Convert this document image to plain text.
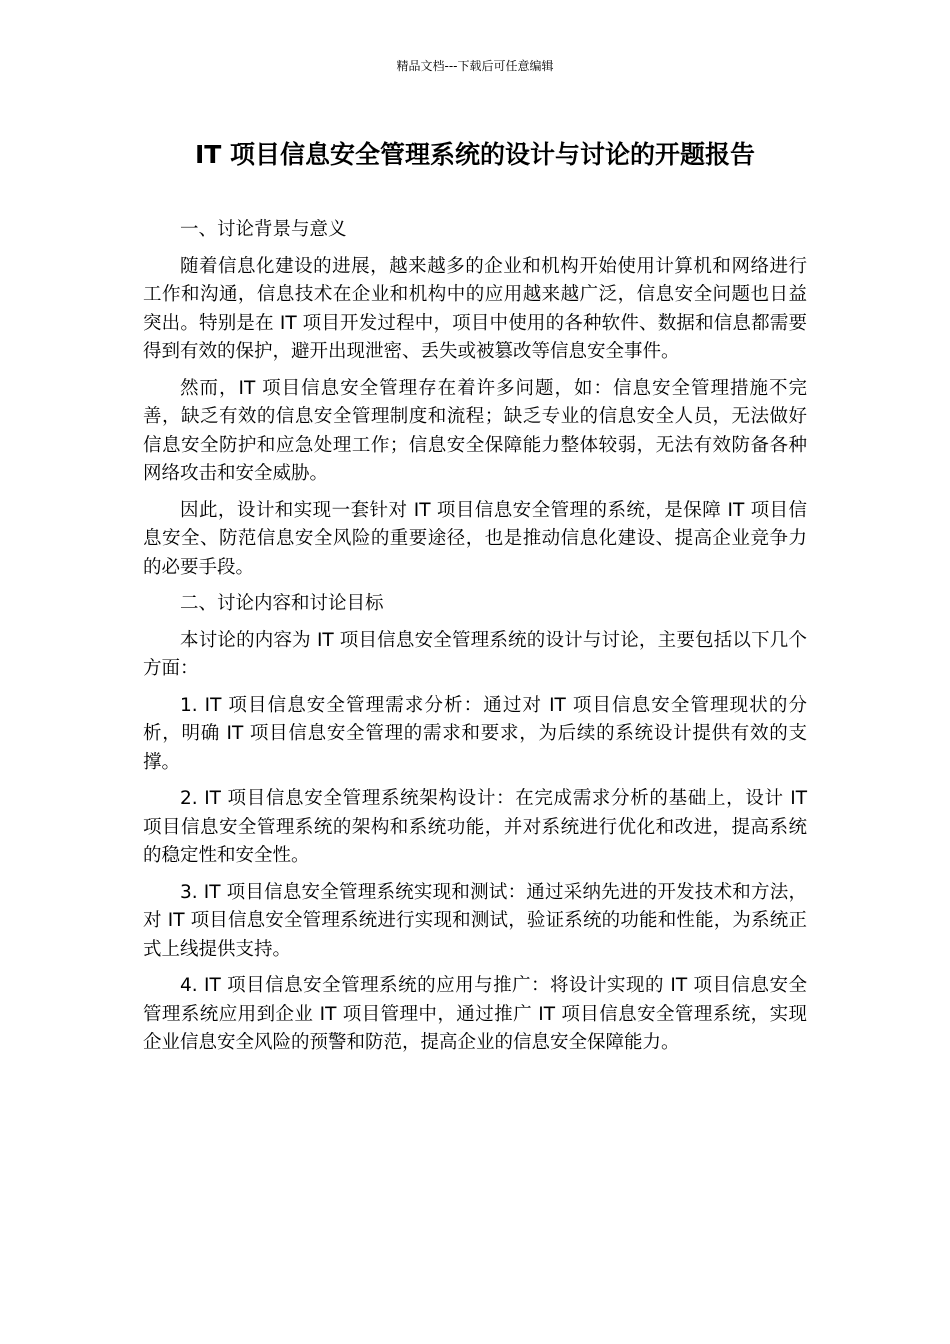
精品文档---下载后可任意编辑
IT 项目信息安全管理系统的设计与讨论的开题报告

一、讨论背景与意义

随着信息化建设的进展，越来越多的企业和机构开始使用计算机和网络进行工作和沟通，信息技术在企业和机构中的应用越来越广泛，信息安全问题也日益突出。特别是在 IT 项目开发过程中，项目中使用的各种软件、数据和信息都需要得到有效的保护，避开出现泄密、丢失或被篡改等信息安全事件。

然而，IT 项目信息安全管理存在着许多问题，如：信息安全管理措施不完善，缺乏有效的信息安全管理制度和流程；缺乏专业的信息安全人员，无法做好信息安全防护和应急处理工作；信息安全保障能力整体较弱，无法有效防备各种网络攻击和安全威胁。

因此，设计和实现一套针对 IT 项目信息安全管理的系统，是保障 IT 项目信息安全、防范信息安全风险的重要途径，也是推动信息化建设、提高企业竞争力的必要手段。

二、讨论内容和讨论目标

本讨论的内容为 IT 项目信息安全管理系统的设计与讨论，主要包括以下几个方面：

1. IT 项目信息安全管理需求分析：通过对 IT 项目信息安全管理现状的分析，明确 IT 项目信息安全管理的需求和要求，为后续的系统设计提供有效的支撑。

2. IT 项目信息安全管理系统架构设计：在完成需求分析的基础上，设计 IT 项目信息安全管理系统的架构和系统功能，并对系统进行优化和改进，提高系统的稳定性和安全性。

3. IT 项目信息安全管理系统实现和测试：通过采纳先进的开发技术和方法，对 IT 项目信息安全管理系统进行实现和测试，验证系统的功能和性能，为系统正式上线提供支持。

4. IT 项目信息安全管理系统的应用与推广：将设计实现的 IT 项目信息安全管理系统应用到企业 IT 项目管理中，通过推广 IT 项目信息安全管理系统，实现企业信息安全风险的预警和防范，提高企业的信息安全保障能力。
